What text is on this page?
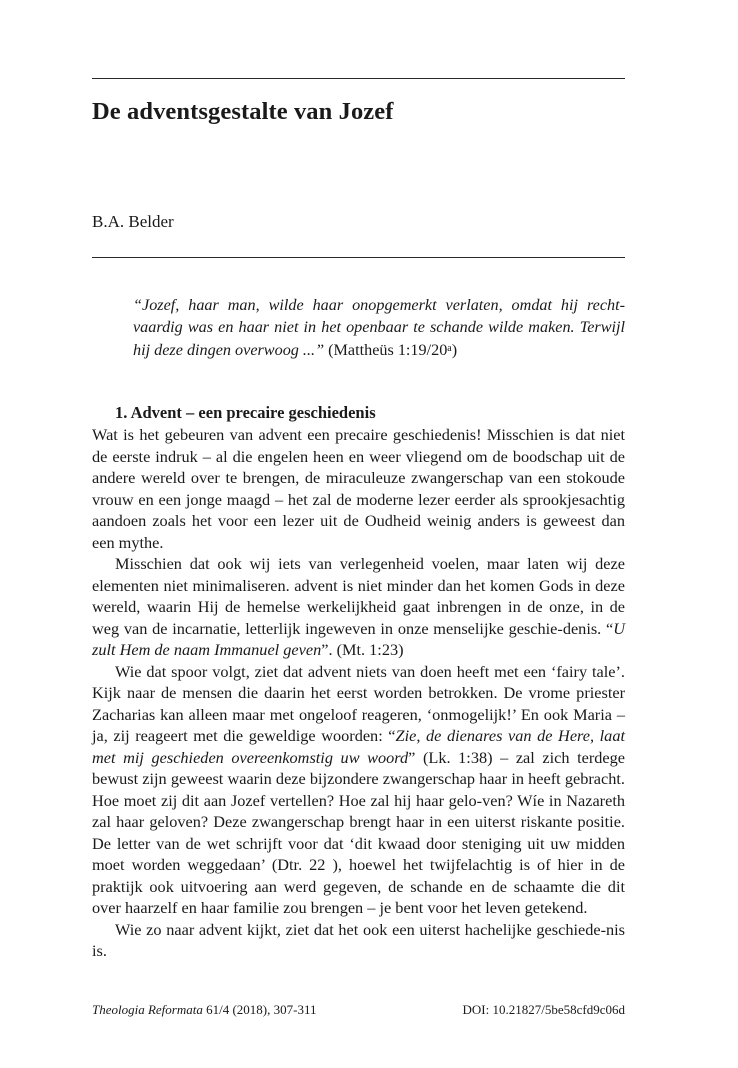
De adventsgestalte van Jozef
B.A. Belder
“Jozef, haar man, wilde haar onopgemerkt verlaten, omdat hij recht- vaardig was en haar niet in het openbaar te schande wilde maken. Terwijl hij deze dingen overwoog ...” (Mattheüs 1:19/20$^a$)
1. Advent – een precaire geschiedenis

Wat is het gebeuren van advent een precaire geschiedenis! Misschien is dat niet de eerste indruk – al die engelen heen en weer vliegend om de boodschap uit de andere wereld over te brengen, de miraculeuze zwangerschap van een stokoude vrouw en een jonge maagd – het zal de moderne lezer eerder als sprookjesachtig aandoen zoals het voor een lezer uit de Oudheid weinig anders is geweest dan een mythe.

Misschien dat ook wij iets van verlegenheid voelen, maar laten wij deze elementen niet minimaliseren. advent is niet minder dan het komen Gods in deze wereld, waarin Hij de hemelse werkelijkheid gaat inbrengen in de onze, in de weg van de incarnatie, letterlijk ingeweven in onze menselijke geschie-denis. “U zult Hem de naam Immanuel geven”. (Mt. 1:23)

Wie dat spoor volgt, ziet dat advent niets van doen heeft met een ‘fairy tale’. Kijk naar de mensen die daarin het eerst worden betrokken. De vrome priester Zacharias kan alleen maar met ongeloof reageren, ‘onmogelijk!’ En ook Maria – ja, zij reageert met die geweldige woorden: “Zie, de dienares van de Here, laat met mij geschieden overeenkomstig uw woord” (Lk. 1:38) – zal zich terdege bewust zijn geweest waarin deze bijzondere zwangerschap haar in heeft gebracht. Hoe moet zij dit aan Jozef vertellen? Hoe zal hij haar gelo-ven? Wíe in Nazareth zal haar geloven? Deze zwangerschap brengt haar in een uiterst riskante positie. De letter van de wet schrijft voor dat ‘dit kwaad door steniging uit uw midden moet worden weggedaan’ (Dtr. 22 ), hoewel het twijfelachtig is of hier in de praktijk ook uitvoering aan werd gegeven, de schande en de schaamte die dit over haarzelf en haar familie zou brengen – je bent voor het leven getekend.

Wie zo naar advent kijkt, ziet dat het ook een uiterst hachelijke geschiede-nis is.

Theologia Reformata 61/4 (2018), 307-311	DOI: 10.21827/5be58cfd9c06d
